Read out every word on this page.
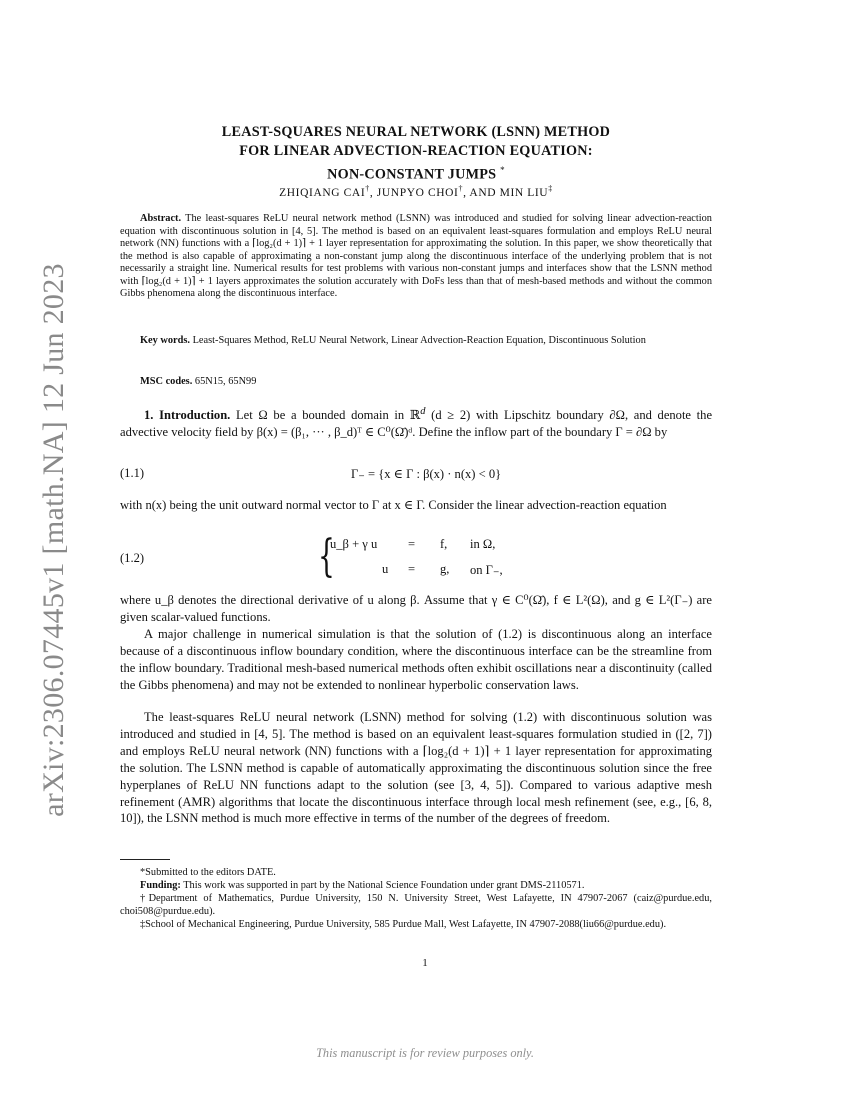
arXiv:2306.07445v1 [math.NA] 12 Jun 2023
LEAST-SQUARES NEURAL NETWORK (LSNN) METHOD
FOR LINEAR ADVECTION-REACTION EQUATION:
NON-CONSTANT JUMPS *
ZHIQIANG CAI†, JUNPYO CHOI†, AND MIN LIU‡
Abstract. The least-squares ReLU neural network method (LSNN) was introduced and studied for solving linear advection-reaction equation with discontinuous solution in [4, 5]. The method is based on an equivalent least-squares formulation and employs ReLU neural network (NN) functions with a ⌈log₂(d + 1)⌉ + 1 layer representation for approximating the solution. In this paper, we show theoretically that the method is also capable of approximating a non-constant jump along the discontinuous interface of the underlying problem that is not necessarily a straight line. Numerical results for test problems with various non-constant jumps and interfaces show that the LSNN method with ⌈log₂(d + 1)⌉ + 1 layers approximates the solution accurately with DoFs less than that of mesh-based methods and without the common Gibbs phenomena along the discontinuous interface.
Key words. Least-Squares Method, ReLU Neural Network, Linear Advection-Reaction Equation, Discontinuous Solution
MSC codes. 65N15, 65N99
1. Introduction. Let Ω be a bounded domain in ℝ$^d$ (d ≥ 2) with Lipschitz boundary ∂Ω, and denote the advective velocity field by β(x) = (β₁, ··· , β_d)ᵀ ∈ C⁰(Ω̄)ᵈ. Define the inflow part of the boundary Γ = ∂Ω by
(1.1)	Γ₋ = {x ∈ Γ : β(x) · n(x) < 0}
with n(x) being the unit outward normal vector to Γ at x ∈ Γ. Consider the linear advection-reaction equation
(1.2)	{
u_β + γ u = f, in Ω,
u = g, on Γ₋,
where u_β denotes the directional derivative of u along β. Assume that γ ∈ C⁰(Ω̄), f ∈ L²(Ω), and g ∈ L²(Γ₋) are given scalar-valued functions.
A major challenge in numerical simulation is that the solution of (1.2) is discontinuous along an interface because of a discontinuous inflow boundary condition, where the discontinuous interface can be the streamline from the inflow boundary. Traditional mesh-based numerical methods often exhibit oscillations near a discontinuity (called the Gibbs phenomena) and may not be extended to nonlinear hyperbolic conservation laws.
The least-squares ReLU neural network (LSNN) method for solving (1.2) with discontinuous solution was introduced and studied in [4, 5]. The method is based on an equivalent least-squares formulation studied in ([2, 7]) and employs ReLU neural network (NN) functions with a ⌈log₂(d + 1)⌉ + 1 layer representation for approximating the solution. The LSNN method is capable of automatically approximating the discontinuous solution since the free hyperplanes of ReLU NN functions adapt to the solution (see [3, 4, 5]). Compared to various adaptive mesh refinement (AMR) algorithms that locate the discontinuous interface through local mesh refinement (see, e.g., [6, 8, 10]), the LSNN method is much more effective in terms of the number of the degrees of freedom.
*Submitted to the editors DATE.
Funding: This work was supported in part by the National Science Foundation under grant DMS-2110571.
†Department of Mathematics, Purdue University, 150 N. University Street, West Lafayette, IN 47907-2067 (caiz@purdue.edu, choi508@purdue.edu).
‡School of Mechanical Engineering, Purdue University, 585 Purdue Mall, West Lafayette, IN 47907-2088(liu66@purdue.edu).
1
This manuscript is for review purposes only.
